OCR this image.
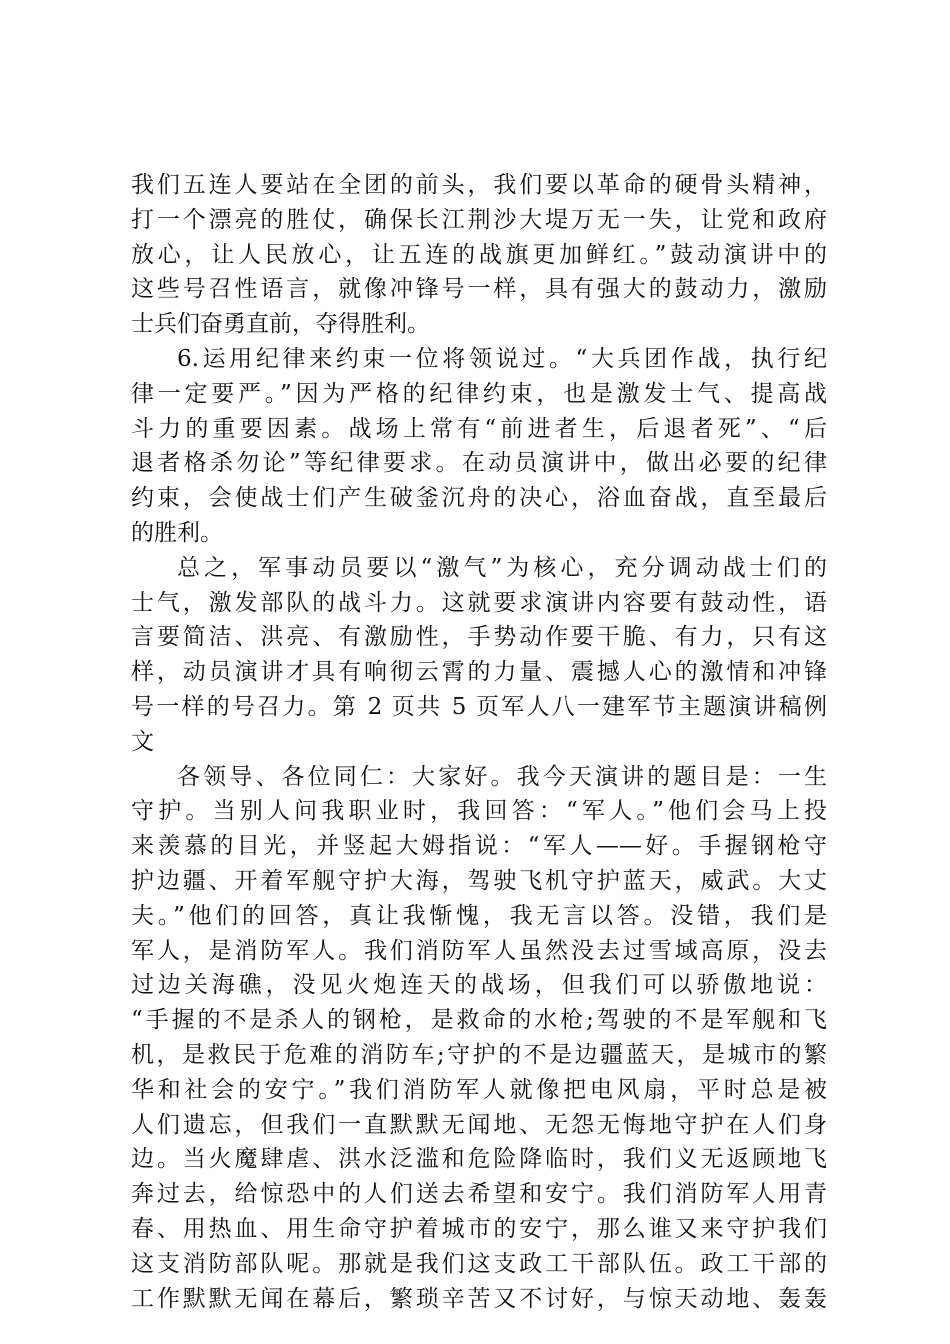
我们五连人要站在全团的前头，我们要以革命的硬骨头精神，
打一个漂亮的胜仗，确保长江荆沙大堤万无一失，让党和政府
放心，让人民放心，让五连的战旗更加鲜红。”鼓动演讲中的
这些号召性语言，就像冲锋号一样，具有强大的鼓动力，激励
士兵们奋勇直前，夺得胜利。
6.运用纪律来约束一位将领说过。“大兵团作战，执行纪
律一定要严。”因为严格的纪律约束，也是激发士气、提高战
斗力的重要因素。战场上常有“前进者生，后退者死”、“后
退者格杀勿论”等纪律要求。在动员演讲中，做出必要的纪律
约束，会使战士们产生破釜沉舟的决心，浴血奋战，直至最后
的胜利。
总之，军事动员要以“激气”为核心，充分调动战士们的
士气，激发部队的战斗力。这就要求演讲内容要有鼓动性，语
言要简洁、洪亮、有激励性，手势动作要干脆、有力，只有这
样，动员演讲才具有响彻云霄的力量、震撼人心的激情和冲锋
号一样的号召力。第 2 页共 5 页军人八一建军节主题演讲稿例
文
各领导、各位同仁：大家好。我今天演讲的题目是：一生
守护。当别人问我职业时，我回答：“军人。”他们会马上投
来羡慕的目光，并竖起大姆指说：“军人——好。手握钢枪守
护边疆、开着军舰守护大海，驾驶飞机守护蓝天，威武。大丈
夫。”他们的回答，真让我惭愧，我无言以答。没错，我们是
军人，是消防军人。我们消防军人虽然没去过雪域高原，没去
过边关海礁，没见火炮连天的战场，但我们可以骄傲地说：
“手握的不是杀人的钢枪，是救命的水枪;驾驶的不是军舰和飞
机，是救民于危难的消防车;守护的不是边疆蓝天，是城市的繁
华和社会的安宁。”我们消防军人就像把电风扇，平时总是被
人们遗忘，但我们一直默默无闻地、无怨无悔地守护在人们身
边。当火魔肆虐、洪水泛滥和危险降临时，我们义无返顾地飞
奔过去，给惊恐中的人们送去希望和安宁。我们消防军人用青
春、用热血、用生命守护着城市的安宁，那么谁又来守护我们
这支消防部队呢。那就是我们这支政工干部队伍。政工干部的
工作默默无闻在幕后，繁琐辛苦又不讨好，与惊天动地、轰轰
